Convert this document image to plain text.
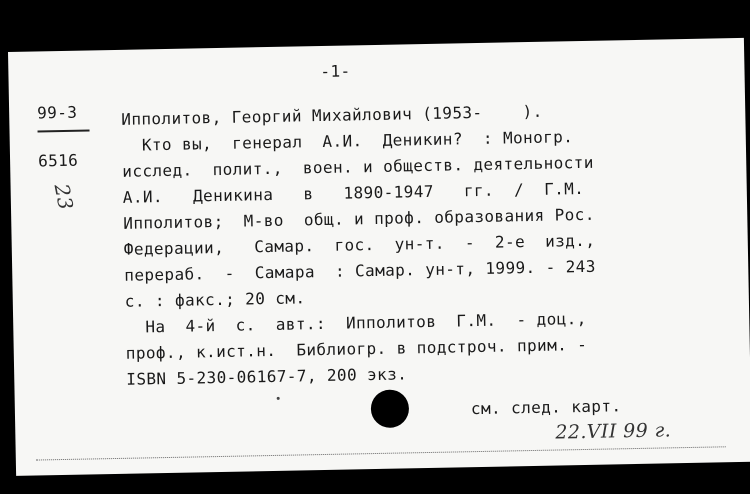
-1-
99-3
6516
23
Ипполитов, Георгий Михайлович (1953-    ).
Кто вы,  генерал  А.И.  Деникин?  : Моногр.
исслед.  полит.,  воен. и обществ. деятельности
А.И.   Деникина   в   1890-1947   гг.  /  Г.М.
Ипполитов;  М-во  общ. и проф. образования Рос.
Федерации,   Самар.  гос.  ун-т.  -  2-е  изд.,
перераб.  -  Самара  : Самар. ун-т, 1999. - 243
с. : факс.; 20 см.
На  4-й  с.  авт.:  Ипполитов  Г.М.  - доц.,
проф., к.ист.н.  Библиогр. в подстроч. прим. -
ISBN 5-230-06167-7, 200 экз.
см. след. карт.
22.VII 99 г.
